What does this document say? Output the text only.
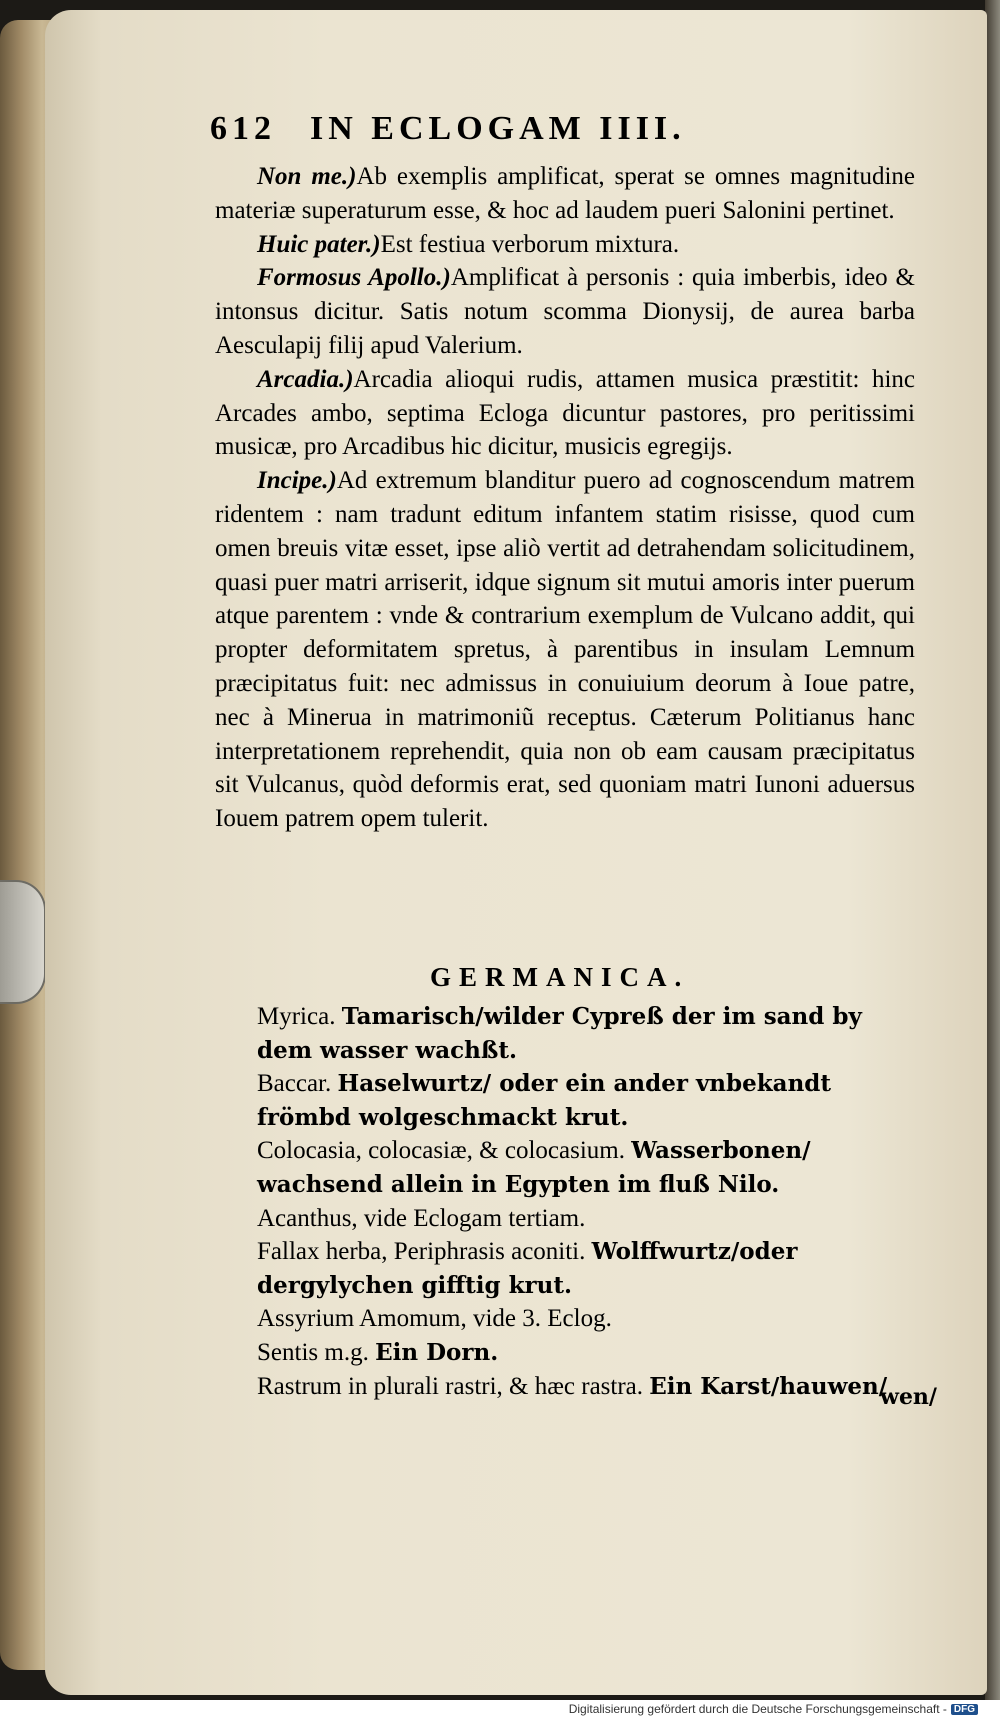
612 IN ECLOGAM IIII.

Non me.)Ab exemplis amplificat, sperat se omnes magnitudine materiæ superaturum esse, & hoc ad laudem pueri Salonini pertinet.

Huic pater.)Est festiua verborum mixtura.

Formosus Apollo.)Amplificat à personis : quia imberbis, ideo & intonsus dicitur. Satis notum scomma Dionysij, de aurea barba Aesculapij filij apud Valerium.

Arcadia.)Arcadia alioqui rudis, attamen musica præstitit: hinc Arcades ambo, septima Ecloga dicuntur pastores, pro peritissimi musicæ, pro Arcadibus hic dicitur, musicis egregijs.

Incipe.)Ad extremum blanditur puero ad cognoscendum matrem ridentem : nam tradunt editum infantem statim risisse, quod cum omen breuis vitæ esset, ipse aliò vertit ad detrahendam solicitudinem, quasi puer matri arriserit, idque signum sit mutui amoris inter puerum atque parentem : vnde & contrarium exemplum de Vulcano addit, qui propter deformitatem spretus, à parentibus in insulam Lemnum præcipitatus fuit: nec admissus in conuiuium deorum à Ioue patre, nec à Minerua in matrimoniũ receptus. Cæterum Politianus hanc interpretationem reprehendit, quia non ob eam causam præcipitatus sit Vulcanus, quòd deformis erat, sed quoniam matri Iunoni aduersus Iouem patrem opem tulerit.

GERMANICA.

Myrica. Tamarisch/wilder Cypreß der im sand by dem wasser wachßt.

Baccar. Haselwurtz/ oder ein ander vnbekandt frömbd wolgeschmackt krut.

Colocasia, colocasiæ, & colocasium. Wasserbonen/ wachsend allein in Egypten im fluß Nilo.

Acanthus, vide Eclogam tertiam.

Fallax herba, Periphrasis aconiti. Wolffwurtz/oder dergylychen gifftig krut.

Assyrium Amomum, vide 3. Eclog.

Sentis m.g. Ein Dorn.

Rastrum in plurali rastri, & hæc rastra. Ein Karst/hauwen/

wen/
Digitalisierung gefördert durch die Deutsche Forschungsgemeinschaft - DFG
